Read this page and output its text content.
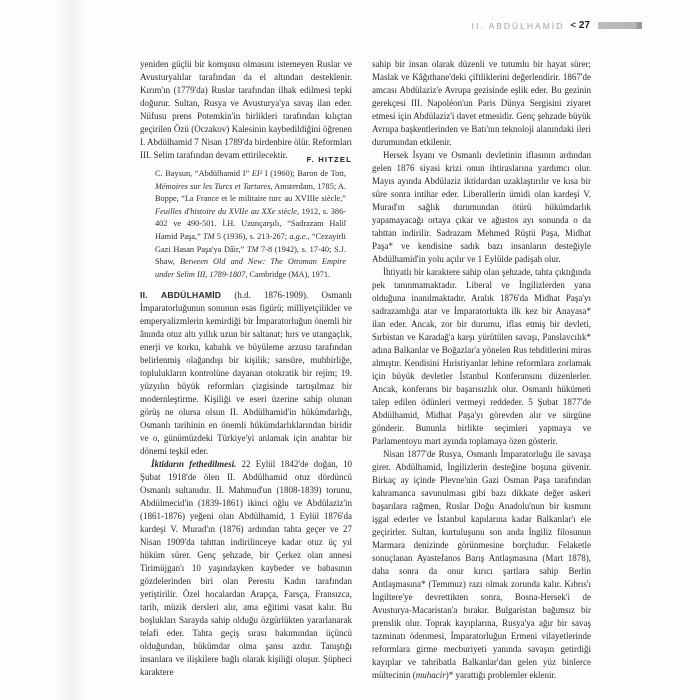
II. ABDÜLHAMİD < 27

yeniden güçlü bir komşusu olmasını istemeyen Ruslar ve Avusturyalılar tarafından da el altından desteklenir. Kırım'ın (1779'da) Ruslar tarafından ilhak edilmesi tepki doğurur. Sultan, Rusya ve Avusturya'ya savaş ilan eder. Nüfusu prens Potemkin'in birlikleri tarafından kılıçtan geçirilen Özü (Oczakov) Kalesinin kaybedildiğini öğrenen I. Abdülhamid 7 Nisan 1789'da birdenbire ölür. Reformları III. Selim tarafından devam ettirilecektir.	F. HITZEL

C. Baysun, “Abdülhamid I” EI² I (1960); Baron de Tott, Mémoires sur les Turcs et Tartares, Amsterdam, 1785; A. Boppe, “La France et le militaire turc au XVIIIe siècle,” Feuilles d'histoire du XVIIe au XXe siècle, 1912, s. 386-402 ve 490-501. İ.H. Uzunçarşılı, “Sadrazam Halil Hamid Paşa,” TM 5 (1936), s. 213-267; a.g.e., “Cezayirli Gazi Hasan Paşa'ya Dâir,” TM 7-8 (1942), s. 17-40; S.J. Shaw, Between Old and New: The Ottoman Empire under Selim III, 1789-1807, Cambridge (MA), 1971.

II. ABDÜLHAMİD (h.d. 1876-1909). Osmanlı İmparatorluğunun sonunun esas figürü; milliyetçilikler ve emperyalizmlerin kemirdiği bir İmparatorluğun önemli bir ânında otuz altı yıllık uzun bir saltanat; hırs ve utangaçlık, enerji ve korku, kabalık ve büyüleme arzusu tarafından belirlenmiş olağandışı bir kişilik; sansüre, muhbirliğe, toplulukların kontrolüne dayanan otokratik bir rejim; 19. yüzyılın büyük reformları çizgisinde tartışılmaz bir modernleştirme. Kişiliği ve eseri üzerine sahip olunan görüş ne olursa olsun II. Abdülhamid'in hükümdarlığı, Osmanlı tarihinin en önemli hükümdarlıklarından biridir ve o, günümüzdeki Türkiye'yi anlamak için anahtar bir dönemi teşkil eder.

İktidarın fethedilmesi. 22 Eylül 1842'de doğan, 10 Şubat 1918'de ölen II. Abdülhamid otuz dördüncü Osmanlı sultanıdır. II. Mahmud'un (1808-1839) torunu, Abdülmecid'in (1839-1861) ikinci oğlu ve Abdülaziz'in (1861-1876) yeğeni olan Abdülhamid, 1 Eylül 1876'da kardeşi V. Murad'ın (1876) ardından tahta geçer ve 27 Nisan 1909'da tahttan indirilinceye kadar otuz üç yıl hüküm sürer. Genç şehzade, bir Çerkez olan annesi Tirimüjgan'ı 10 yaşındayken kaybeder ve babasının gözdelerinden biri olan Perestu Kadın tarafından yetiştirilir. Özel hocalardan Arapça, Farsça, Fransızca, tarih, müzik dersleri alır, ama eğitimi vasat kalır. Bu boşlukları Sarayda sahip olduğu özgürlükten yararlanarak telafi eder. Tahta geçiş sırası bakımından üçüncü olduğundan, hükümdar olma şansı azdır. Tanıştığı insanlara ve ilişkilere bağlı olarak kişiliği oluşur. Şüpheci karaktere

sahip bir insan olarak düzenli ve tutumlu bir hayat sürer; Maslak ve Kâğıthane'deki çiftliklerini değerlendirir. 1867'de amcası Abdülaziz'e Avrupa gezisinde eşlik eder. Bu gezinin gerekçesi III. Napoléon'un Paris Dünya Sergisini ziyaret etmesi için Abdülaziz'i davet etmesidir. Genç şehzade büyük Avrupa başkentlerinden ve Batı'nın teknoloji alanındaki ileri durumundan etkilenir.

Hersek İsyanı ve Osmanlı devletinin iflasının ardından gelen 1876 siyasi krizi onun ihtiraslarına yardımcı olur. Mayıs ayında Abdülaziz iktidardan uzaklaştırılır ve kısa bir süre sonra intihar eder. Liberallerin ümidi olan kardeşi V. Murad'ın sağlık durumundan ötürü hükümdarlık yapamayacağı ortaya çıkar ve ağustos ayı sonunda o da tahttan indirilir. Sadrazam Mehmed Rüştü Paşa, Midhat Paşa* ve kendisine sadık bazı insanların desteğiyle Abdülhamid'in yolu açılır ve 1 Eylülde padişah olur.

İhtiyatlı bir karaktere sahip olan şehzade, tahta çıktığında pek tanınmamaktadır. Liberal ve İngilizlerden yana olduğuna inanılmaktadır. Aralık 1876'da Midhat Paşa'yı sadrazamlığa atar ve İmparatorlukta ilk kez bir Anayasa* ilan eder. Ancak, zor bir durumu, iflas etmiş bir devleti, Sırbistan ve Karadağ'a karşı yürütülen savaşı, Panslavcılık* adına Balkanlar ve Boğazlar'a yönelen Rus tehditlerini miras almıştır. Kendisini Hıristiyanlar lehine reformlara zorlamak için büyük devletler İstanbul Konferansını düzenlerler. Ancak, konferans bir başarısızlık olur. Osmanlı hükümeti talep edilen ödünleri vermeyi reddeder. 5 Şubat 1877'de Abdülhamid, Midhat Paşa'yı görevden alır ve sürgüne gönderir. Bununla birlikte seçimleri yapmaya ve Parlamentoyu mart ayında toplamaya özen gösterir.

Nisan 1877'de Rusya, Osmanlı İmparatorluğu ile savaşa girer. Abdülhamid, İngilizlerin desteğine boşuna güvenir. Birkaç ay içinde Plevne'nin Gazi Osman Paşa tarafından kahramanca savunulması gibi bazı dikkate değer askeri başarılara rağmen, Ruslar Doğu Anadolu'nun bir kısmını işgal ederler ve İstanbul kapılarına kadar Balkanlar'ı ele geçirirler. Sultan, kurtuluşunu son anda İngiliz filosunun Marmara denizinde görünmesine borçludur. Felaketle sonuçlanan Ayastefanos Barış Antlaşmasına (Mart 1878), daha sonra da onur kırıcı şartlara sahip Berlin Antlaşmasına* (Temmuz) razı olmak zorunda kalır. Kıbrıs'ı İngiltere'ye devrettikten sonra, Bosna-Hersek'i de Avusturya-Macaristan'a bırakır. Bulgaristan bağımsız bir prenslik olur. Toprak kayıplarına, Rusya'ya ağır bir savaş tazminatı ödenmesi, İmparatorluğun Ermeni vilayetlerinde reformlara girme mecburiyeti yanında savaşın getirdiği kayıplar ve tahribatla Balkanlar'dan gelen yüz binlerce mültecinin (muhacir)* yarattığı problemler eklenir.
